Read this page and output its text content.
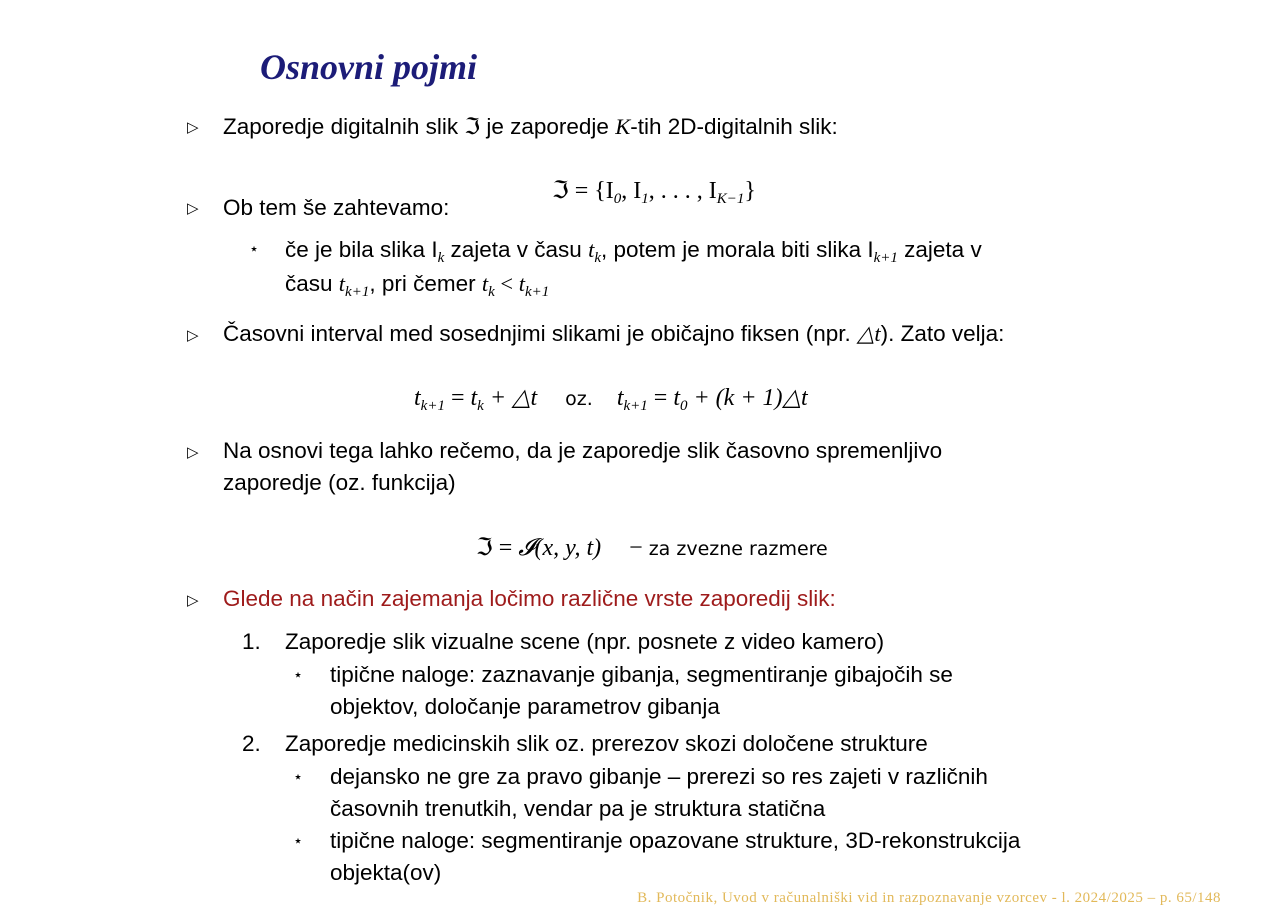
Osnovni pojmi
▷ Zaporedje digitalnih slik ℑ je zaporedje K-tih 2D-digitalnih slik:
ℑ = {$I_0$, $I_1$, . . . , $I_{K-1}$}
▷ Ob tem še zahtevamo:
⋆ če je bila slika $I_k$ zajeta v času $t_k$, potem je morala biti slika $I_{k+1}$ zajeta v
času $t_{k+1}$, pri čemer $t_k < t_{k+1}$
▷ Časovni interval med sosednjimi slikami je običajno fiksen (npr. △t). Zato velja:
$t_{k+1} = t_k$ + △t oz. $t_{k+1} = t_0 + (k$ + 1)△t
▷ Na osnovi tega lahko rečemo, da je zaporedje slik časovno spremenljivo
zaporedje (oz. funkcija)
ℑ = 𝓘(x, y, t) − za zvezne razmere
▷ Glede na način zajemanja ločimo različne vrste zaporedij slik:
1. Zaporedje slik vizualne scene (npr. posnete z video kamero)
⋆ tipične naloge: zaznavanje gibanja, segmentiranje gibajočih se
objektov, določanje parametrov gibanja
2. Zaporedje medicinskih slik oz. prerezov skozi določene strukture
⋆ dejansko ne gre za pravo gibanje – prerezi so res zajeti v različnih
časovnih trenutkih, vendar pa je struktura statična
⋆ tipične naloge: segmentiranje opazovane strukture, 3D-rekonstrukcija
objekta(ov)
B. Potočnik, Uvod v računalniški vid in razpoznavanje vzorcev - l. 2024/2025 – p. 65/148
